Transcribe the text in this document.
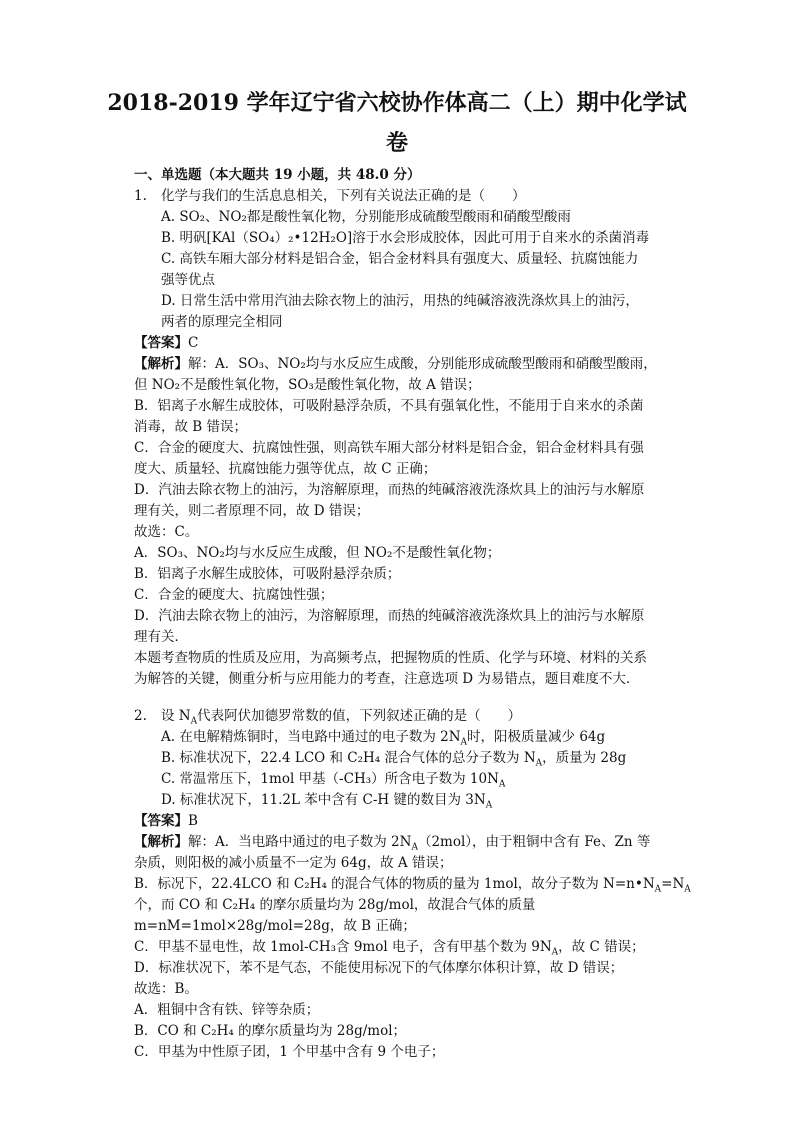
2018-2019 学年辽宁省六校协作体高二（上）期中化学试
卷
一、单选题（本大题共 19 小题，共 48.0 分）
1. 化学与我们的生活息息相关，下列有关说法正确的是（　　）
A. SO₂、NO₂都是酸性氧化物，分别能形成硫酸型酸雨和硝酸型酸雨
B. 明矾[KAl（SO₄）₂•12H₂O]溶于水会形成胶体，因此可用于自来水的杀菌消毒
C. 高铁车厢大部分材料是铝合金，铝合金材料具有强度大、质量轻、抗腐蚀能力
强等优点
D. 日常生活中常用汽油去除衣物上的油污，用热的纯碱溶液洗涤炊具上的油污，
两者的原理完全相同
【答案】C
【解析】解：A．SO₃、NO₂均与水反应生成酸，分别能形成硫酸型酸雨和硝酸型酸雨，
但 NO₂不是酸性氧化物，SO₃是酸性氧化物，故 A 错误；
B．铝离子水解生成胶体，可吸附悬浮杂质，不具有强氧化性，不能用于自来水的杀菌
消毒，故 B 错误；
C．合金的硬度大、抗腐蚀性强，则高铁车厢大部分材料是铝合金，铝合金材料具有强
度大、质量轻、抗腐蚀能力强等优点，故 C 正确；
D．汽油去除衣物上的油污，为溶解原理，而热的纯碱溶液洗涤炊具上的油污与水解原
理有关，则二者原理不同，故 D 错误；
故选：C。
A．SO₃、NO₂均与水反应生成酸，但 NO₂不是酸性氧化物；
B．铝离子水解生成胶体，可吸附悬浮杂质；
C．合金的硬度大、抗腐蚀性强；
D．汽油去除衣物上的油污，为溶解原理，而热的纯碱溶液洗涤炊具上的油污与水解原
理有关．
本题考查物质的性质及应用，为高频考点，把握物质的性质、化学与环境、材料的关系
为解答的关键，侧重分析与应用能力的考查，注意选项 D 为易错点，题目难度不大．
2. 设 $N_A$代表阿伏加德罗常数的值，下列叙述正确的是（　　）
A. 在电解精炼铜时，当电路中通过的电子数为 $2N_A$时，阳极质量减少 64g
B. 标准状况下，22.4 LCO 和 C₂H₄ 混合气体的总分子数为 $N_A$，质量为 28g
C. 常温常压下，1mol 甲基（-CH₃）所含电子数为 $10N_A$
D. 标准状况下，11.2L 苯中含有 C-H 键的数目为 $3N_A$
【答案】B
【解析】解：A．当电路中通过的电子数为 $2N_A(2mol)$，由于粗铜中含有 Fe、Zn 等
杂质，则阳极的减小质量不一定为 64g，故 A 错误；
B．标况下，22.4LCO 和 C₂H₄ 的混合气体的物质的量为 1mol，故分子数为 $N=n•N_A=N_A$
个，而 CO 和 C₂H₄ 的摩尔质量均为 28g/mol，故混合气体的质量
m=nM=1mol×28g/mol=28g，故 B 正确；
C．甲基不显电性，故 1mol-CH₃含 9mol 电子，含有甲基个数为 $9N_A$，故 C 错误；
D．标准状况下，苯不是气态，不能使用标况下的气体摩尔体积计算，故 D 错误；
故选：B。
A．粗铜中含有铁、锌等杂质；
B．CO 和 C₂H₄ 的摩尔质量均为 28g/mol；
C．甲基为中性原子团，1 个甲基中含有 9 个电子；
